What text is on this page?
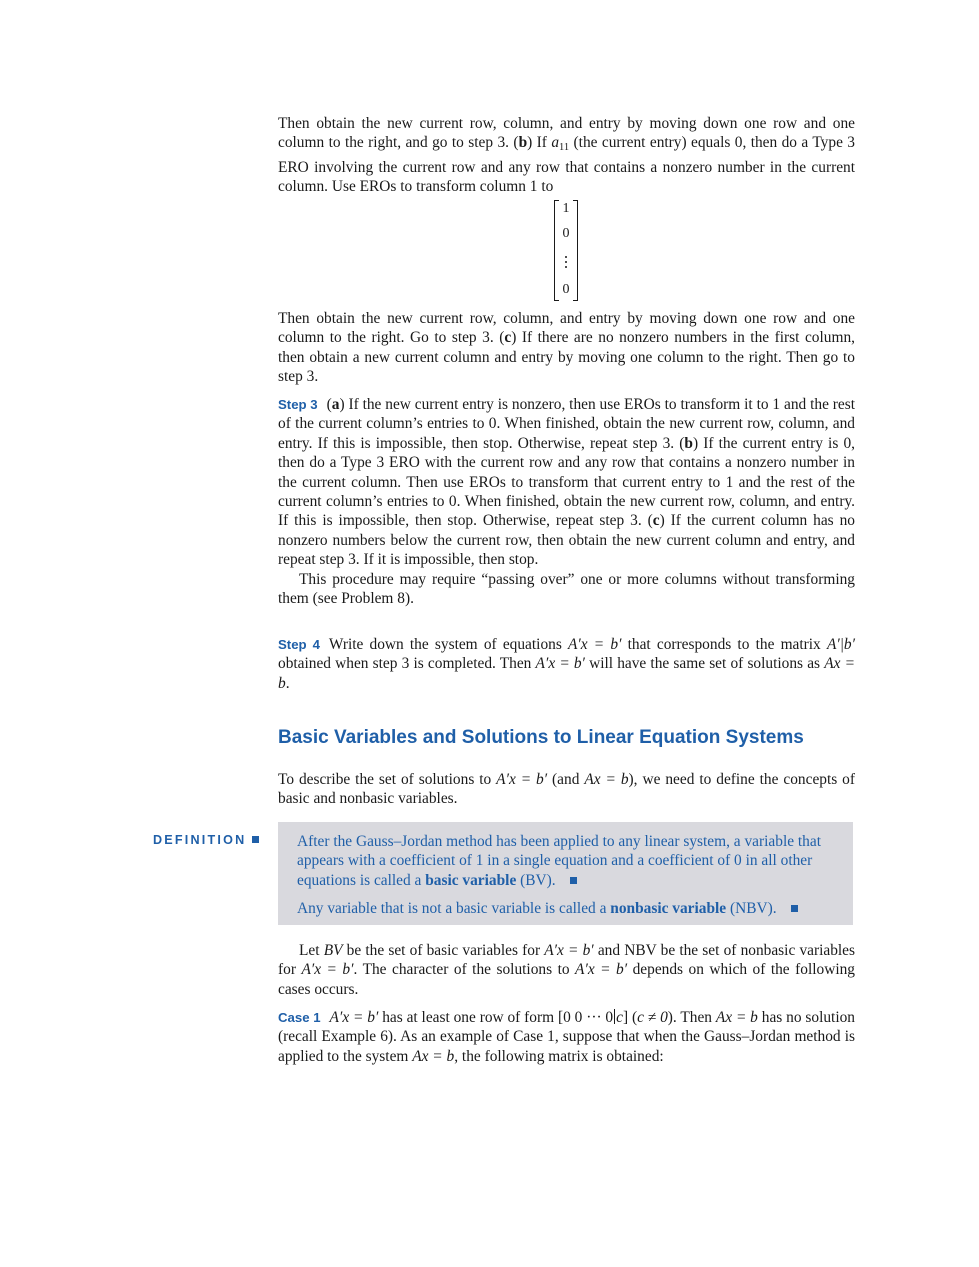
Then obtain the new current row, column, and entry by moving down one row and one column to the right, and go to step 3. (b) If $a_{11}$ (the current entry) equals 0, then do a Type 3 ERO involving the current row and any row that contains a nonzero number in the current column. Use EROs to transform column 1 to

1
0
0

Then obtain the new current row, column, and entry by moving down one row and one column to the right. Go to step 3. (c) If there are no nonzero numbers in the first column, then obtain a new current column and entry by moving one column to the right. Then go to step 3.

Step 3 (a) If the new current entry is nonzero, then use EROs to transform it to 1 and the rest of the current column’s entries to 0. When finished, obtain the new current row, column, and entry. If this is impossible, then stop. Otherwise, repeat step 3. (b) If the current entry is 0, then do a Type 3 ERO with the current row and any row that contains a nonzero number in the current column. Then use EROs to transform that current entry to 1 and the rest of the current column’s entries to 0. When finished, obtain the new current row, column, and entry. If this is impossible, then stop. Otherwise, repeat step 3. (c) If the current column has no nonzero numbers below the current row, then obtain the new current column and entry, and repeat step 3. If it is impossible, then stop.

This procedure may require “passing over” one or more columns without transforming them (see Problem 8).

Step 4 Write down the system of equations A′x = b′ that corresponds to the matrix A′|b′ obtained when step 3 is completed. Then A′x = b′ will have the same set of solutions as Ax = b.

Basic Variables and Solutions to Linear Equation Systems

To describe the set of solutions to A′x = b′ (and Ax = b), we need to define the concepts of basic and nonbasic variables.

DEFINITION	After the Gauss–Jordan method has been applied to any linear system, a variable that appears with a coefficient of 1 in a single equation and a coefficient of 0 in all other equations is called a basic variable (BV).
Any variable that is not a basic variable is called a nonbasic variable (NBV).

Let BV be the set of basic variables for A′x = b′ and NBV be the set of nonbasic variables for A′x = b′. The character of the solutions to A′x = b′ depends on which of the following cases occurs.

Case 1 A′x = b′ has at least one row of form [0 0 ··· 0 c] (c ≠ 0). Then Ax = b has no solution (recall Example 6). As an example of Case 1, suppose that when the Gauss–Jordan method is applied to the system Ax = b, the following matrix is obtained:
